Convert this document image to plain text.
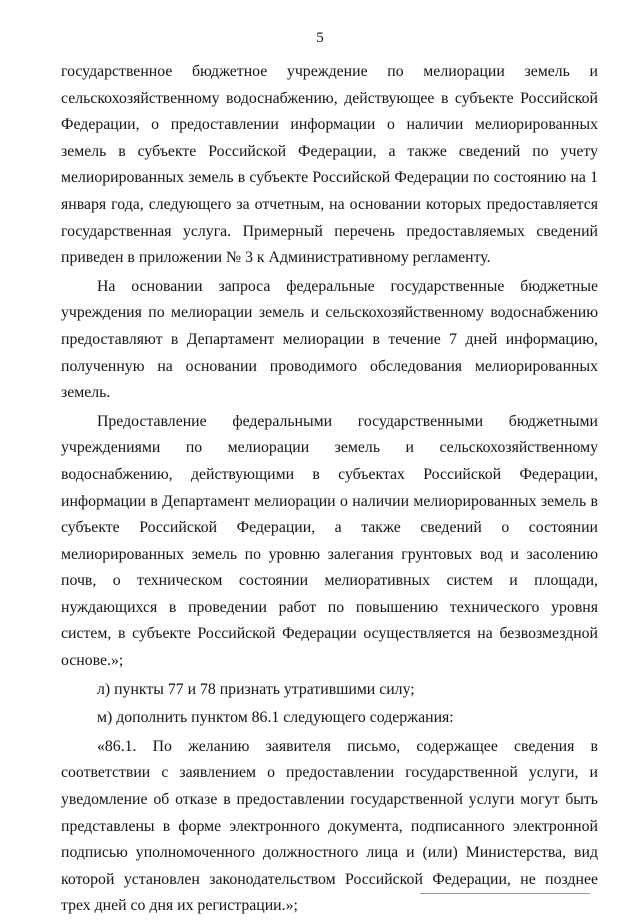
5

государственное бюджетное учреждение по мелиорации земель и сельскохозяйственному водоснабжению, действующее в субъекте Российской Федерации, о предоставлении информации о наличии мелиорированных земель в субъекте Российской Федерации, а также сведений по учету мелиорированных земель в субъекте Российской Федерации по состоянию на 1 января года, следующего за отчетным, на основании которых предоставляется государственная услуга. Примерный перечень предоставляемых сведений приведен в приложении № 3 к Административному регламенту.

На основании запроса федеральные государственные бюджетные учреждения по мелиорации земель и сельскохозяйственному водоснабжению предоставляют в Департамент мелиорации в течение 7 дней информацию, полученную на основании проводимого обследования мелиорированных земель.

Предоставление федеральными государственными бюджетными учреждениями по мелиорации земель и сельскохозяйственному водоснабжению, действующими в субъектах Российской Федерации, информации в Департамент мелиорации о наличии мелиорированных земель в субъекте Российской Федерации, а также сведений о состоянии мелиорированных земель по уровню залегания грунтовых вод и засолению почв, о техническом состоянии мелиоративных систем и площади, нуждающихся в проведении работ по повышению технического уровня систем, в субъекте Российской Федерации осуществляется на безвозмездной основе.»;

л) пункты 77 и 78 признать утратившими силу;

м) дополнить пунктом 86.1 следующего содержания:

«86.1. По желанию заявителя письмо, содержащее сведения в соответствии с заявлением о предоставлении государственной услуги, и уведомление об отказе в предоставлении государственной услуги могут быть представлены в форме электронного документа, подписанного электронной подписью уполномоченного должностного лица и (или) Министерства, вид которой установлен законодательством Российской Федерации, не позднее трех дней со дня их регистрации.»;
